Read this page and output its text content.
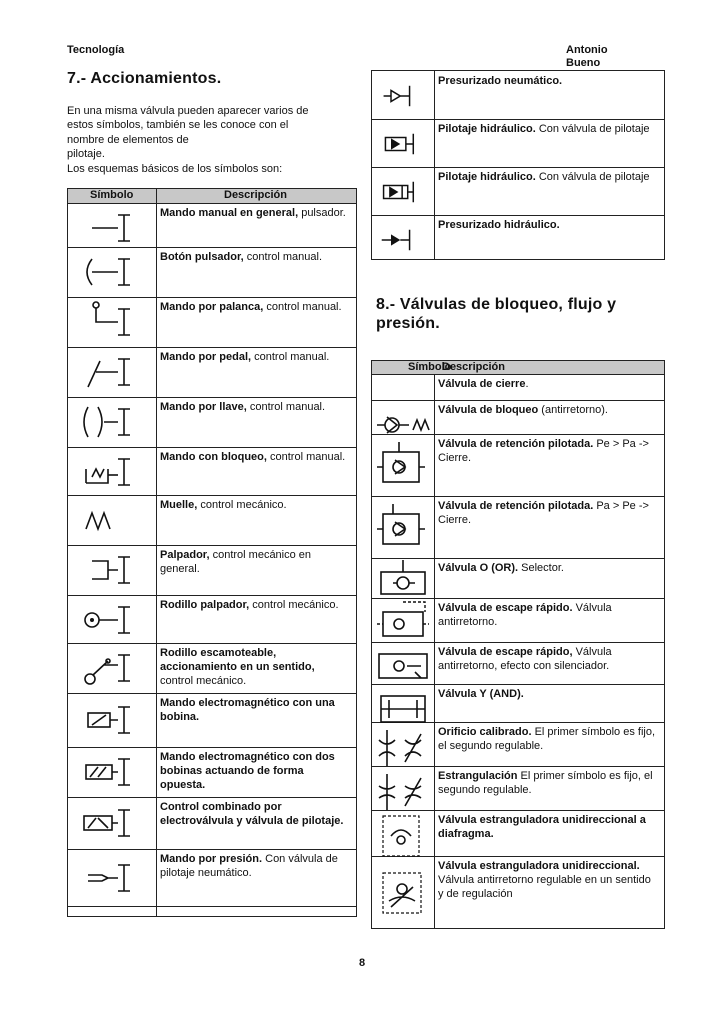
Tecnología	Antonio
Bueno
7.- Accionamientos.
En una misma válvula pueden aparecer varios de
estos símbolos, también se les conoce con el
nombre de elementos de
pilotaje.
Los esquemas básicos de los símbolos son:
Símbolo	Descripción
Mando manual en general, pulsador.
Botón pulsador, control manual.
Mando por palanca, control manual.
Mando por pedal, control manual.
Mando por llave, control manual.
Mando con bloqueo, control manual.
Muelle, control mecánico.
Palpador, control mecánico en general.
Rodillo palpador, control mecánico.
Rodillo escamoteable, accionamiento en un sentido, control mecánico.
Mando electromagnético con una bobina.
Mando electromagnético con dos bobinas actuando de forma opuesta.
Control combinado por electroválvula y válvula de pilotaje.
Mando por presión. Con válvula de pilotaje neumático.
Presurizado neumático.
Pilotaje hidráulico. Con válvula de pilotaje
Pilotaje hidráulico. Con válvula de pilotaje
Presurizado hidráulico.
8.- Válvulas de bloqueo, flujo y
presión.
Símbolo
Descripción
Válvula de cierre.
Válvula de bloqueo (antirretorno).
Válvula de retención pilotada. Pe > Pa -> Cierre.
Válvula de retención pilotada. Pa > Pe -> Cierre.
Válvula O (OR). Selector.
Válvula de escape rápido. Válvula antirretorno.
Válvula de escape rápido, Válvula antirretorno, efecto con silenciador.
Válvula Y (AND).
Orificio calibrado. El primer símbolo es fijo, el segundo regulable.
Estrangulación El primer símbolo es fijo, el segundo regulable.
Válvula estranguladora unidireccional a diafragma.
Válvula estranguladora unidireccional. Válvula antirretorno regulable en un sentido y de regulación
8
